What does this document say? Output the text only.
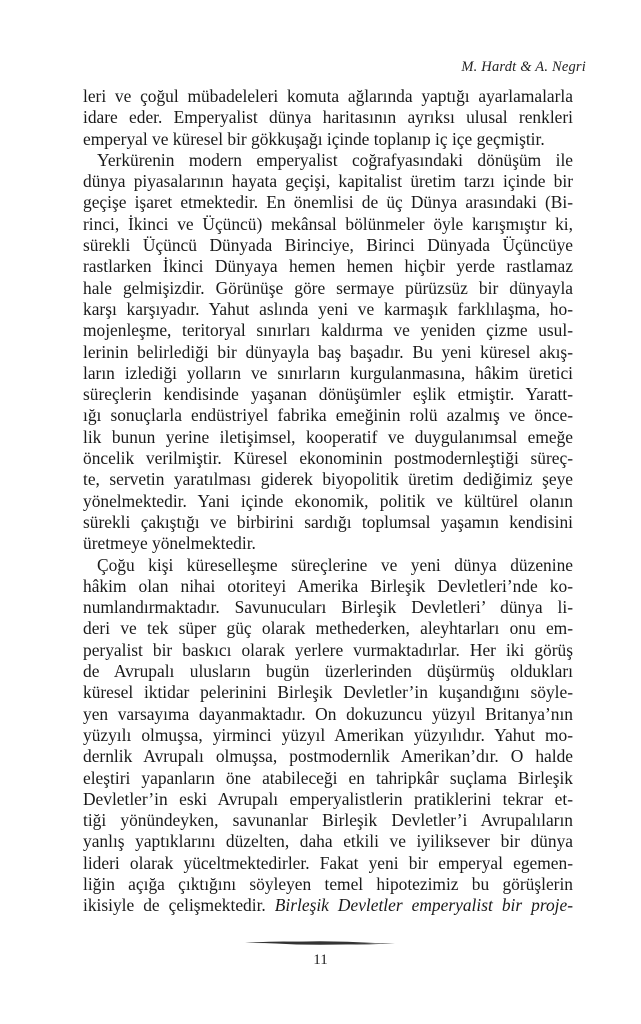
M. Hardt & A. Negri
leri ve çoğul mübadeleleri komuta ağlarında yaptığı ayarlamalarla
idare eder. Emperyalist dünya haritasının ayrıksı ulusal renkleri
emperyal ve küresel bir gökkuşağı içinde toplanıp iç içe geçmiştir.
Yerkürenin modern emperyalist coğrafyasındaki dönüşüm ile
dünya piyasalarının hayata geçişi, kapitalist üretim tarzı içinde bir
geçişe işaret etmektedir. En önemlisi de üç Dünya arasındaki (Bi-
rinci, İkinci ve Üçüncü) mekânsal bölünmeler öyle karışmıştır ki,
sürekli Üçüncü Dünyada Birinciye, Birinci Dünyada Üçüncüye
rastlarken İkinci Dünyaya hemen hemen hiçbir yerde rastlamaz
hale gelmişizdir. Görünüşe göre sermaye pürüzsüz bir dünyayla
karşı karşıyadır. Yahut aslında yeni ve karmaşık farklılaşma, ho-
mojenleşme, teritoryal sınırları kaldırma ve yeniden çizme usul-
lerinin belirlediği bir dünyayla baş başadır. Bu yeni küresel akış-
ların izlediği yolların ve sınırların kurgulanmasına, hâkim üretici
süreçlerin kendisinde yaşanan dönüşümler eşlik etmiştir. Yaratt-
ığı sonuçlarla endüstriyel fabrika emeğinin rolü azalmış ve önce-
lik bunun yerine iletişimsel, kooperatif ve duygulanımsal emeğe
öncelik verilmiştir. Küresel ekonominin postmodernleştiği süreç-
te, servetin yaratılması giderek biyopolitik üretim dediğimiz şeye
yönelmektedir. Yani içinde ekonomik, politik ve kültürel olanın
sürekli çakıştığı ve birbirini sardığı toplumsal yaşamın kendisini
üretmeye yönelmektedir.
Çoğu kişi küreselleşme süreçlerine ve yeni dünya düzenine
hâkim olan nihai otoriteyi Amerika Birleşik Devletleri’nde ko-
numlandırmaktadır. Savunucuları Birleşik Devletleri’ dünya li-
deri ve tek süper güç olarak methederken, aleyhtarları onu em-
peryalist bir baskıcı olarak yerlere vurmaktadırlar. Her iki görüş
de Avrupalı ulusların bugün üzerlerinden düşürmüş oldukları
küresel iktidar pelerinini Birleşik Devletler’in kuşandığını söyle-
yen varsayıma dayanmaktadır. On dokuzuncu yüzyıl Britanya’nın
yüzyılı olmuşsa, yirminci yüzyıl Amerikan yüzyılıdır. Yahut mo-
dernlik Avrupalı olmuşsa, postmodernlik Amerikan’dır. O halde
eleştiri yapanların öne atabileceği en tahripkâr suçlama Birleşik
Devletler’in eski Avrupalı emperyalistlerin pratiklerini tekrar et-
tiği yönündeyken, savunanlar Birleşik Devletler’i Avrupalıların
yanlış yaptıklarını düzelten, daha etkili ve iyiliksever bir dünya
lideri olarak yüceltmektedirler. Fakat yeni bir emperyal egemen-
liğin açığa çıktığını söyleyen temel hipotezimiz bu görüşlerin
ikisiyle de çelişmektedir. Birleşik Devletler emperyalist bir proje-
11
